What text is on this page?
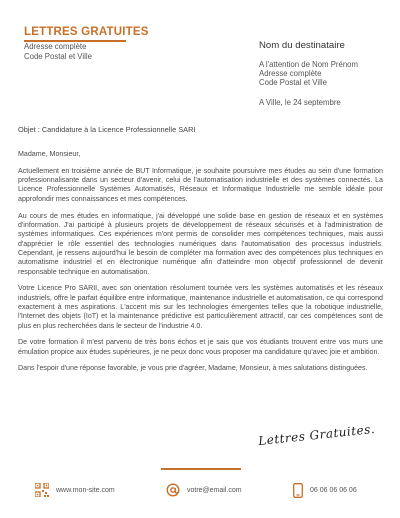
LETTRES GRATUITES
Adresse complète
Code Postal et Ville
Nom du destinataire
A l'attention de Nom Prénom
Adresse complète
Code Postal et Ville
A Ville, le 24 septembre
Objet : Candidature à la Licence Professionnelle SARI

Madame, Monsieur,

Actuellement en troisième année de BUT Informatique, je souhaite poursuivre mes études au sein d'une formation professionnalisante dans un secteur d'avenir, celui de l'automatisation industrielle et des systèmes connectés. La Licence Professionnelle Systèmes Automatisés, Réseaux et Informatique Industrielle me semble idéale pour approfondir mes connaissances et mes compétences.

Au cours de mes études en informatique, j'ai développé une solide base en gestion de réseaux et en systèmes d'information. J'ai participé à plusieurs projets de développement de réseaux sécurisés et à l'administration de systèmes informatiques. Ces expériences m'ont permis de consolider mes compétences techniques, mais aussi d'apprécier le rôle essentiel des technologies numériques dans l'automatisation des processus industriels. Cependant, je ressens aujourd'hui le besoin de compléter ma formation avec des compétences plus techniques en automatisme industriel et en électronique numérique afin d'atteindre mon objectif professionnel de devenir responsable technique en automatisation.

Votre Licence Pro SARII, avec son orientation résolument tournée vers les systèmes automatisés et les réseaux industriels, offre le parfait équilibre entre informatique, maintenance industrielle et automatisation, ce qui correspond exactement à mes aspirations. L'accent mis sur les technologies émergentes telles que la robotique industrielle, l'Internet des objets (IoT) et la maintenance prédictive est particulièrement attractif, car ces compétences sont de plus en plus recherchées dans le secteur de l'industrie 4.0.

De votre formation il m'est parvenu de très bons échos et je sais que vos étudiants trouvent entre vos murs une émulation propice aux études supérieures, je ne peux donc vous proposer ma candidature qu'avec joie et ambition.

Dans l'espoir d'une réponse favorable, je vous prie d'agréer, Madame, Monsieur, à mes salutations distinguées.

Lettres Gratuites.
www.mon-site.com	votre@email.com	06 06 06 06 06
